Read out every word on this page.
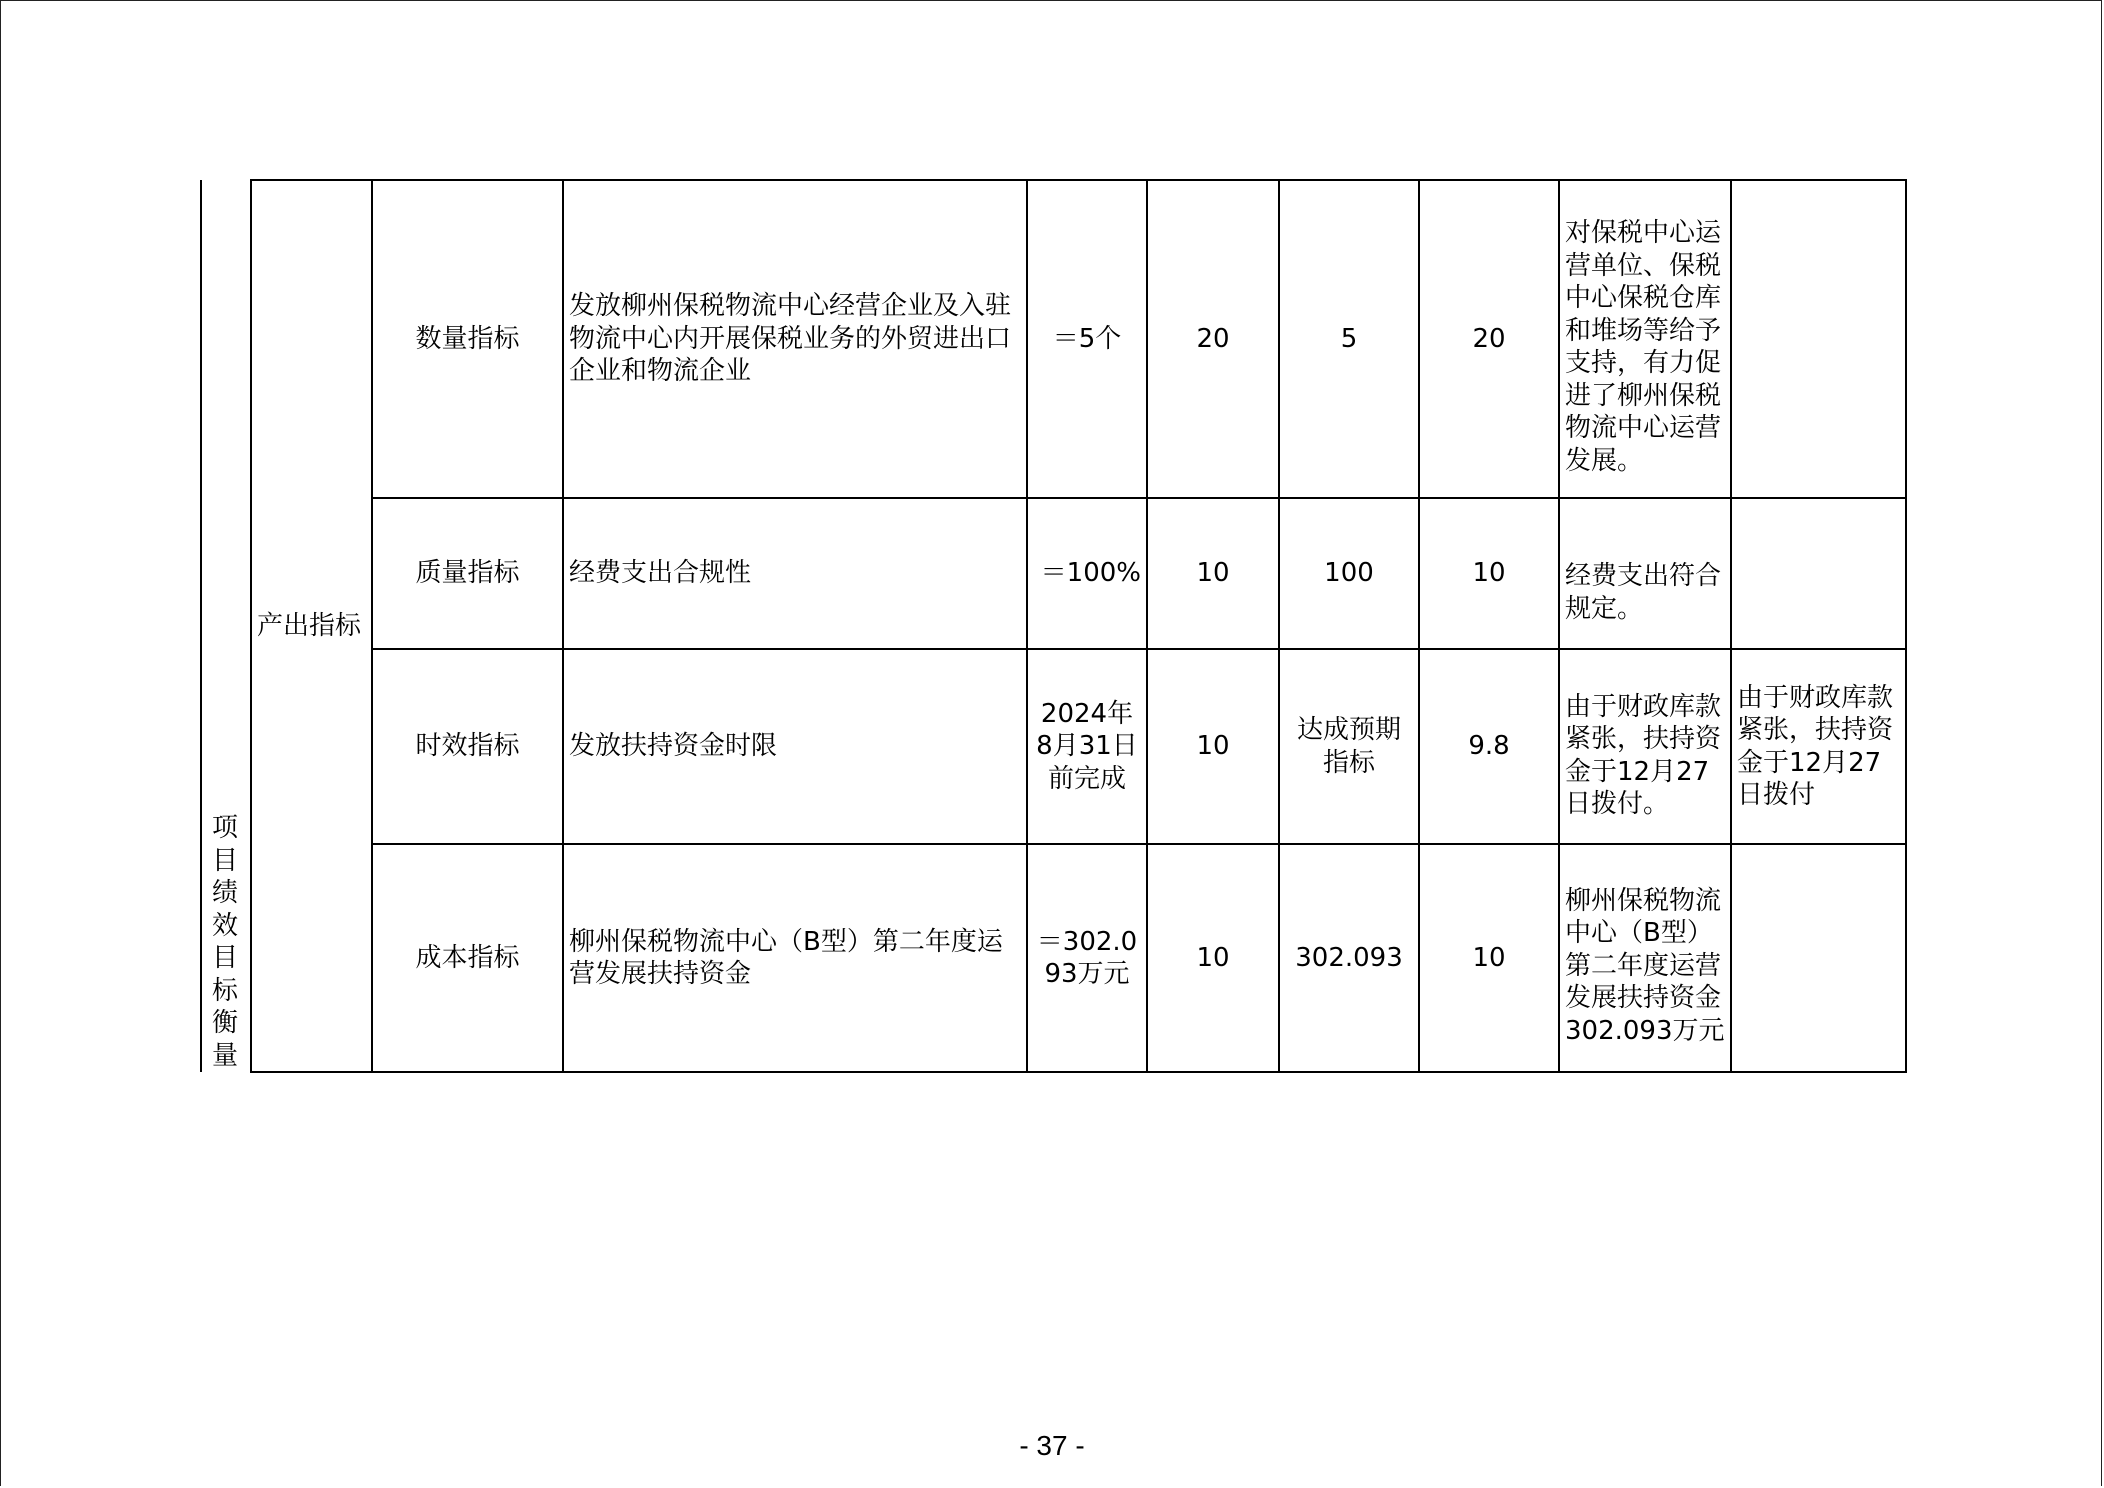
项
目
绩
效
目
标
衡
量
产出指标	数量指标	发放柳州保税物流中心经营企业及入驻物流中心内开展保税业务的外贸进出口企业和物流企业	＝5个	20	5	20	对保税中心运营单位、保税中心保税仓库和堆场等给予支持，有力促进了柳州保税物流中心运营发展。	
	质量指标	经费支出合规性	＝100%	10	100	10	经费支出符合规定。	
	时效指标	发放扶持资金时限	2024年8月31日前完成	10	达成预期指标	9.8	由于财政库款紧张，扶持资金于12月27日拨付。	由于财政库款紧张，扶持资金于12月27日拨付
	成本指标	柳州保税物流中心（B型）第二年度运营发展扶持资金	＝302.093万元	10	302.093	10	柳州保税物流中心（B型）第二年度运营发展扶持资金302.093万元	
- 37 -
